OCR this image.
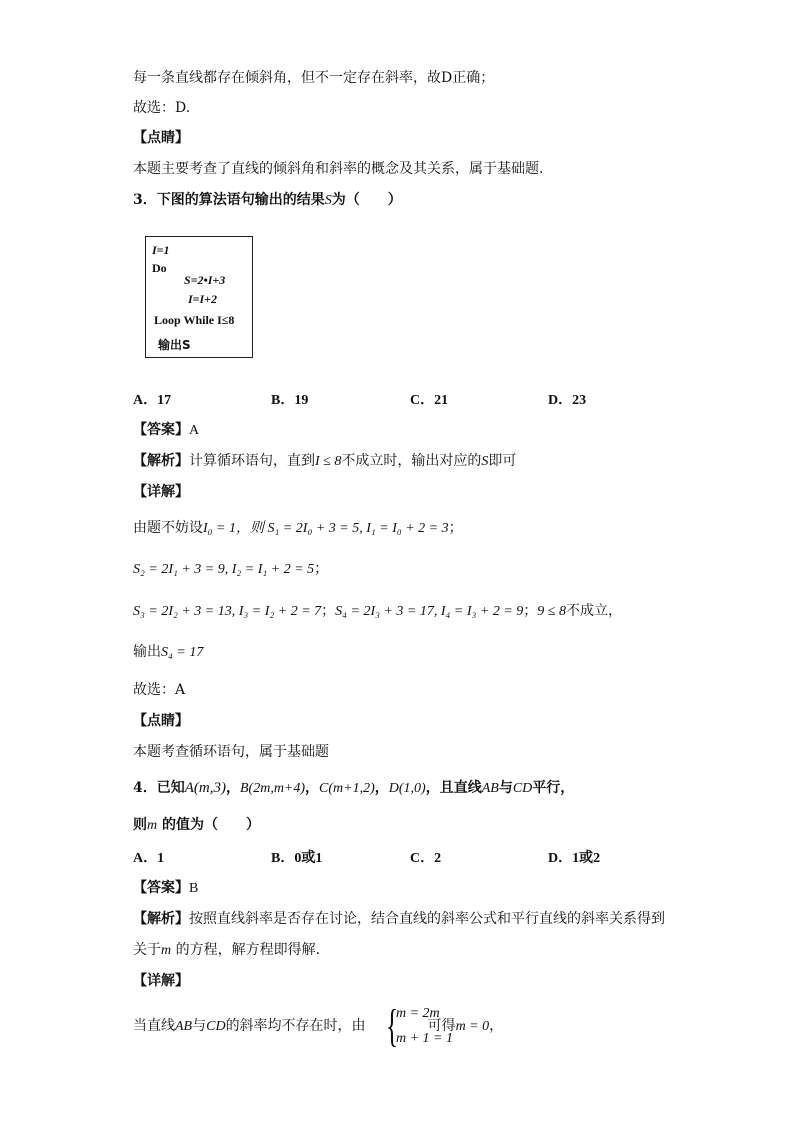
每一条直线都存在倾斜角，但不一定存在斜率，故D正确；
故选：D.
【点睛】
本题主要考查了直线的倾斜角和斜率的概念及其关系，属于基础题.
3．下图的算法语句输出的结果S为（　　）
I=1
Do
S=2•I+3
I=I+2
Loop While I≤8
输出S
A．17	B．19	C．21	D．23
【答案】A
【解析】计算循环语句，直到I ≤ 8不成立时，输出对应的S即可
【详解】
由题不妨设I₀ = 1，则 S₁ = 2I₀ + 3 = 5, I₁ = I₀ + 2 = 3；
S₂ = 2I₁ + 3 = 9, I₂ = I₁ + 2 = 5；
S₃ = 2I₂ + 3 = 13, I₃ = I₂ + 2 = 7；S₄ = 2I₃ + 3 = 17, I₄ = I₃ + 2 = 9；9 ≤ 8不成立，
输出S₄ = 17
故选：A
【点睛】
本题考查循环语句，属于基础题
4．已知A(m,3)，B(2m,m+4)，C(m+1,2)，D(1,0)，且直线AB与CD平行，
则m 的值为（　　）
A．1	B．0或1	C．2	D．1或2
【答案】B
【解析】按照直线斜率是否存在讨论，结合直线的斜率公式和平行直线的斜率关系得到
关于m 的方程，解方程即得解.
【详解】
当直线AB与CD的斜率均不存在时，由	可得m = 0，
{
m = 2m
m + 1 = 1
